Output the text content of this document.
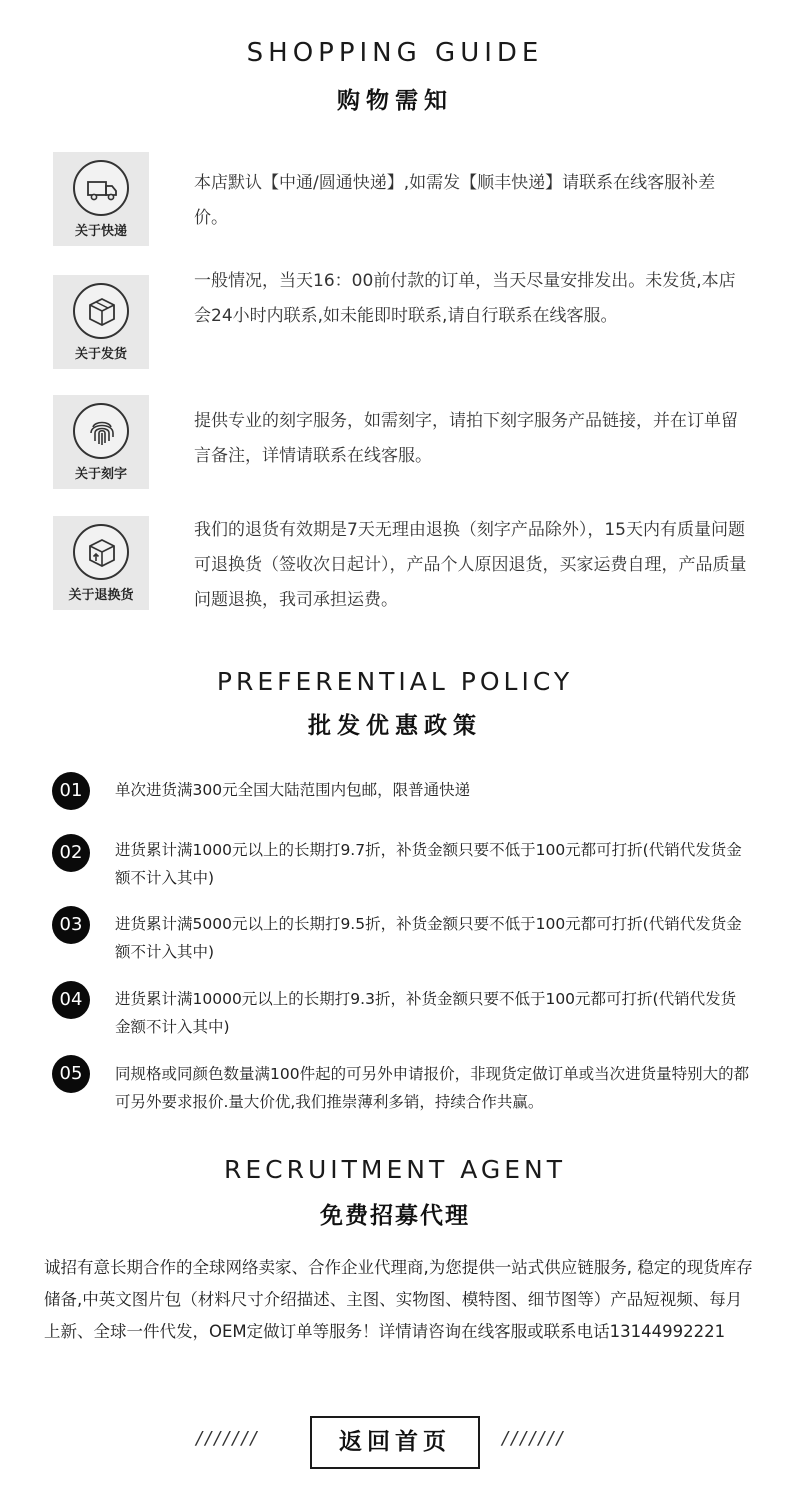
SHOPPING GUIDE
购物需知
关于快递
本店默认【中通/圆通快递】,如需发【顺丰快递】请联系在线客服补差价。
关于发货
一般情况，当天16：00前付款的订单，当天尽量安排发出。未发货,本店会24小时内联系,如未能即时联系,请自行联系在线客服。
关于刻字
提供专业的刻字服务，如需刻字，请拍下刻字服务产品链接，并在订单留言备注，详情请联系在线客服。
关于退换货
我们的退货有效期是7天无理由退换（刻字产品除外），15天内有质量问题可退换货（签收次日起计），产品个人原因退货，买家运费自理，产品质量问题退换，我司承担运费。
PREFERENTIAL POLICY
批发优惠政策
01	单次进货满300元全国大陆范围内包邮，限普通快递
02	进货累计满1000元以上的长期打9.7折，补货金额只要不低于100元都可打折(代销代发货金额不计入其中)
03	进货累计满5000元以上的长期打9.5折，补货金额只要不低于100元都可打折(代销代发货金额不计入其中)
04	进货累计满10000元以上的长期打9.3折，补货金额只要不低于100元都可打折(代销代发货金额不计入其中)
05	同规格或同颜色数量满100件起的可另外申请报价，非现货定做订单或当次进货量特别大的都可另外要求报价.量大价优,我们推崇薄利多销，持续合作共赢。
RECRUITMENT AGENT
免费招募代理
诚招有意长期合作的全球网络卖家、合作企业代理商,为您提供一站式供应链服务, 稳定的现货库存储备,中英文图片包（材料尺寸介绍描述、主图、实物图、模特图、细节图等）产品短视频、每月上新、全球一件代发，OEM定做订单等服务！详情请咨询在线客服或联系电话13144992221
///////	返回首页	///////
